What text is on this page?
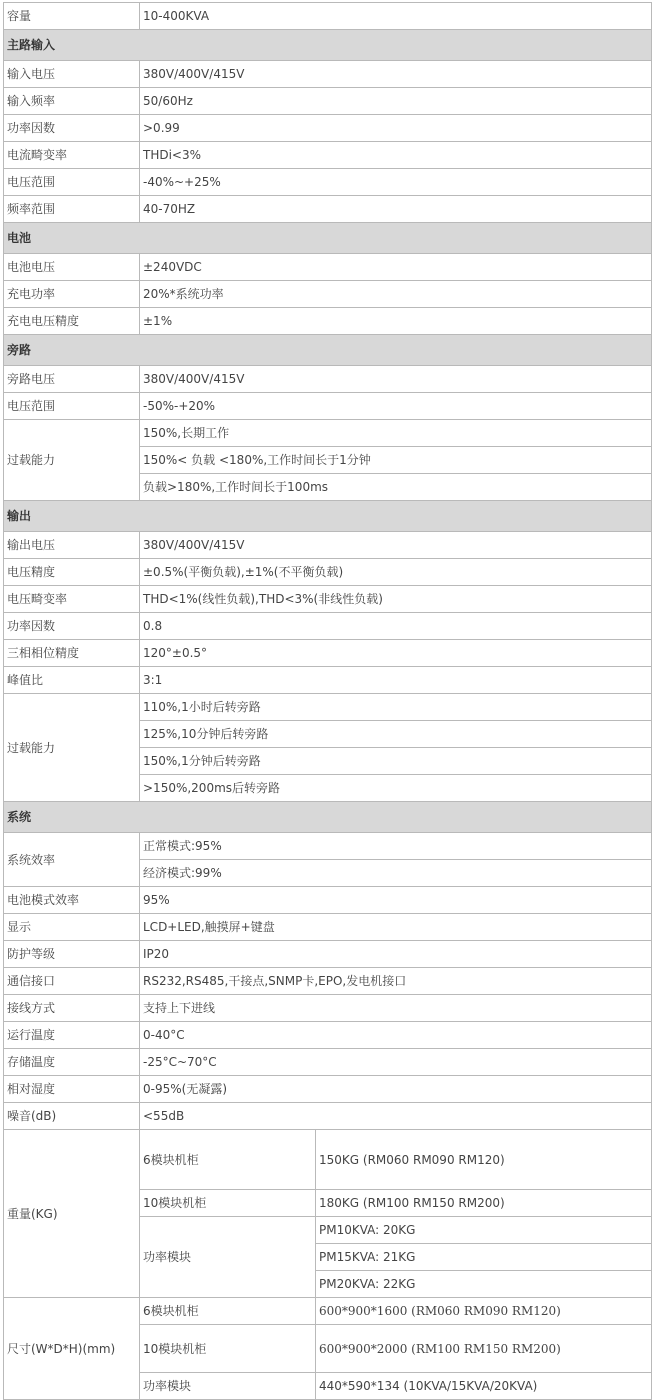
容量	10-400KVA	
主路输入		
输入电压	380V/400V/415V	
输入频率	50/60Hz	
功率因数	>0.99	
电流畸变率	THDi<3%	
电压范围	-40%~+25%	
频率范围	40-70HZ	
电池		
电池电压	±240VDC	
充电功率	20%*系统功率	
充电电压精度	±1%	
旁路		
旁路电压	380V/400V/415V	
电压范围	-50%-+20%	
过载能力	150%,长期工作	
	150%< 负载 <180%,工作时间长于1分钟	
	负载>180%,工作时间长于100ms	
输出		
输出电压	380V/400V/415V	
电压精度	±0.5%(平衡负载),±1%(不平衡负载)	
电压畸变率	THD<1%(线性负载),THD<3%(非线性负载)	
功率因数	0.8	
三相相位精度	120°±0.5°	
峰值比	3:1	
过载能力	110%,1小时后转旁路	
	125%,10分钟后转旁路	
	150%,1分钟后转旁路	
	>150%,200ms后转旁路	
系统		
系统效率	正常模式:95%	
	经济模式:99%	
电池模式效率	95%	
显示	LCD+LED,触摸屏+键盘	
防护等级	IP20	
通信接口	RS232,RS485,干接点,SNMP卡,EPO,发电机接口	
接线方式	支持上下进线	
运行温度	0-40°C	
存储温度	-25°C~70°C	
相对湿度	0-95%(无凝露)	
噪音(dB)	<55dB	
重量(KG)	6模块机柜	150KG (RM060 RM090 RM120)
	10模块机柜	180KG (RM100 RM150 RM200)
	功率模块	PM10KVA: 20KG
		PM15KVA: 21KG
		PM20KVA: 22KG
尺寸(W*D*H)(mm)	6模块机柜	600*900*1600 (RM060 RM090 RM120)
	10模块机柜	600*900*2000 (RM100 RM150 RM200)
	功率模块	440*590*134 (10KVA/15KVA/20KVA)
